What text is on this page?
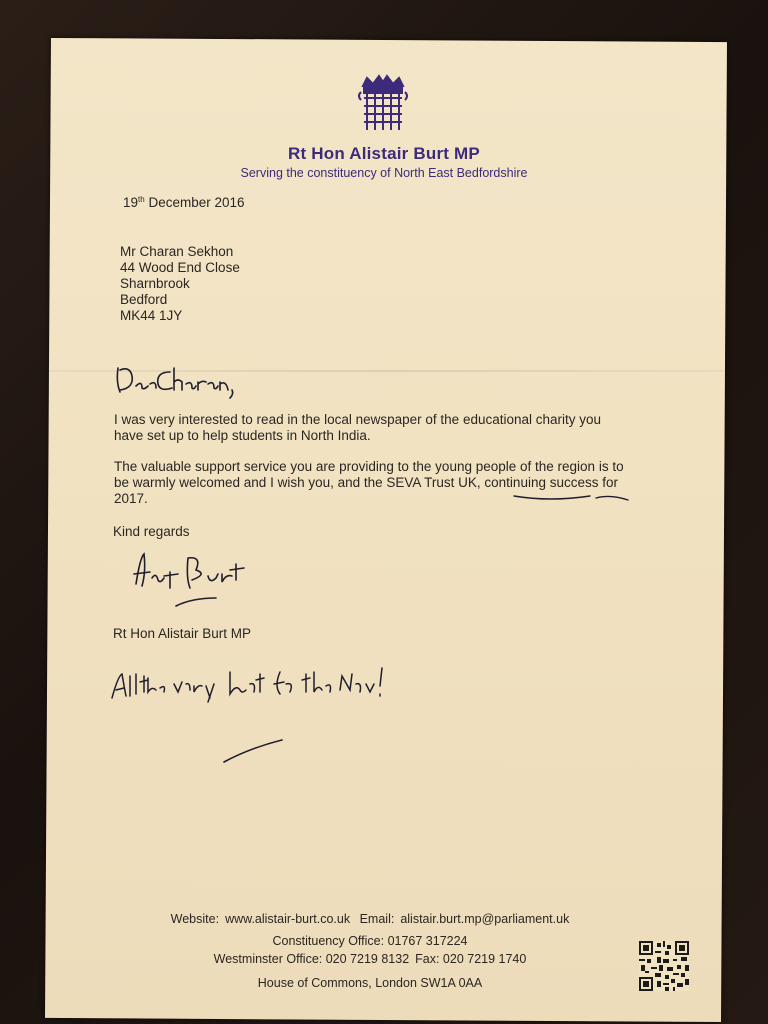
Rt Hon Alistair Burt MP
Serving the constituency of North East Bedfordshire
19th December 2016
Mr Charan Sekhon
44 Wood End Close
Sharnbrook
Bedford
MK44 1JY
I was very interested to read in the local newspaper of the educational charity you have set up to help students in North India.
The valuable support service you are providing to the young people of the region is to be warmly welcomed and I wish you, and the SEVA Trust UK, continuing success for 2017.
Kind regards
Rt Hon Alistair Burt MP
Website: www.alistair-burt.co.uk Email: alistair.burt.mp@parliament.uk
Constituency Office: 01767 317224
Westminster Office: 020 7219 8132 Fax: 020 7219 1740
House of Commons, London SW1A 0AA
